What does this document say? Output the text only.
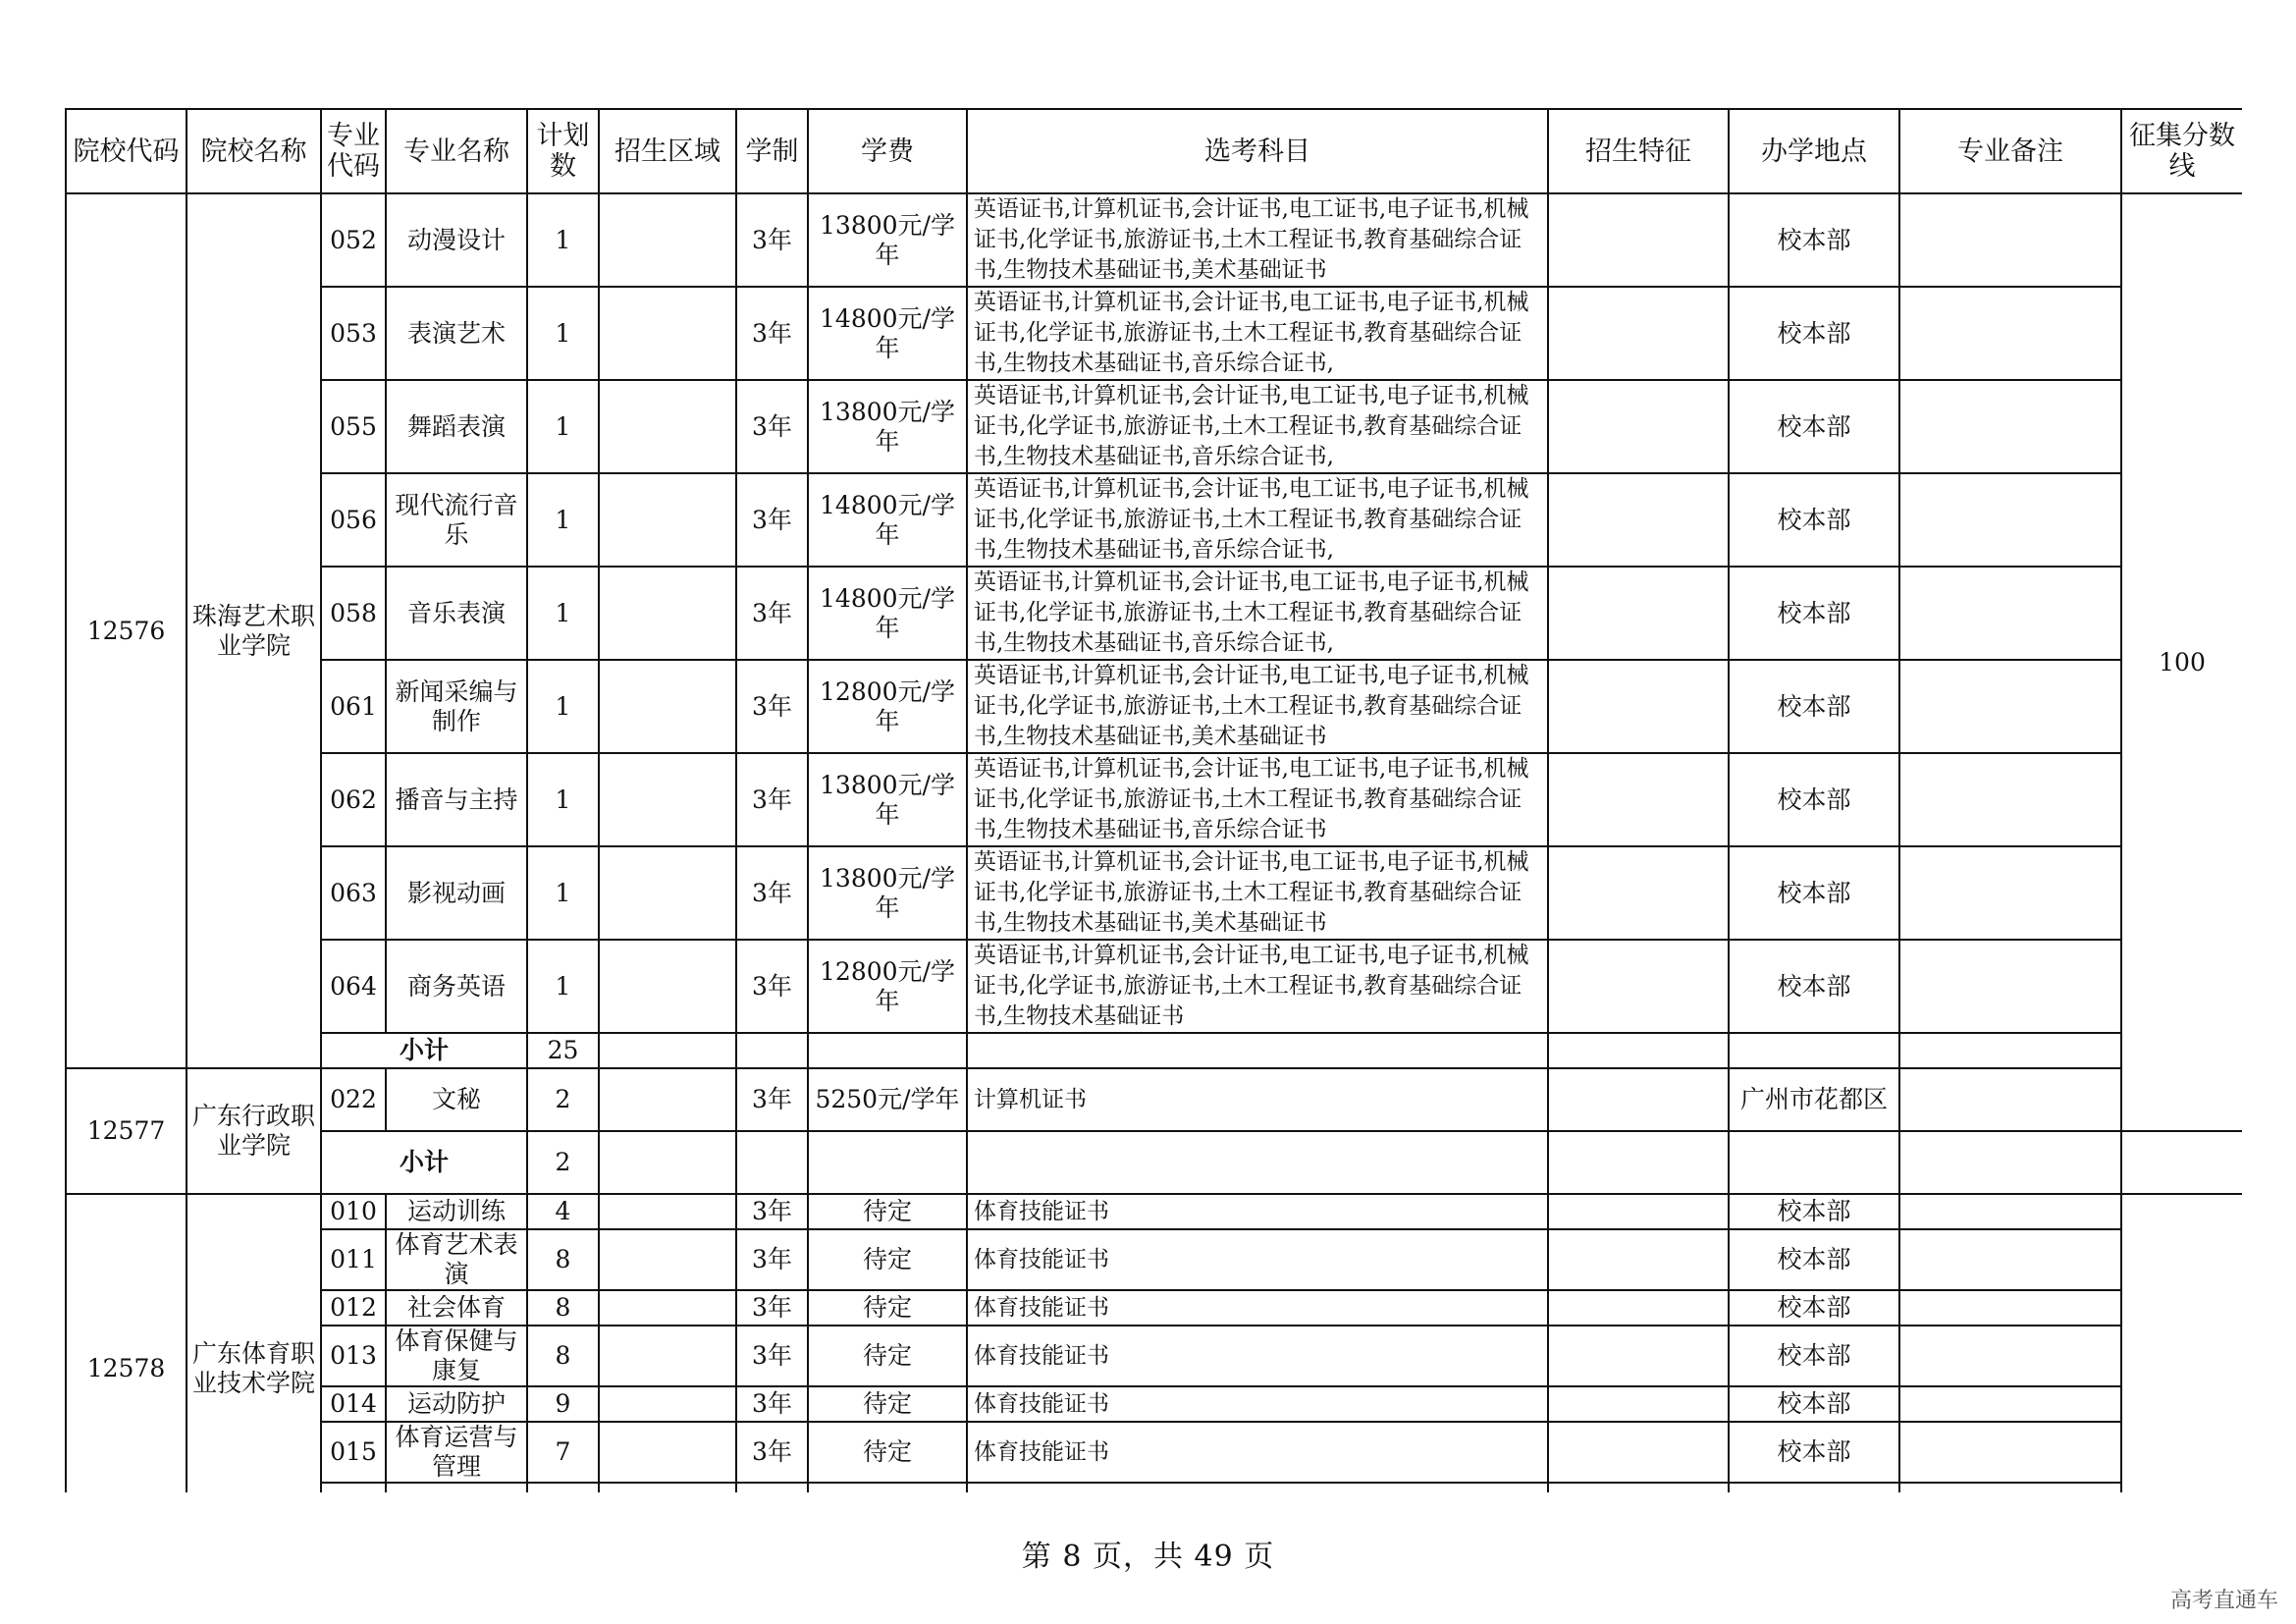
院校代码	院校名称	专业代码	专业名称	计划数	招生区域	学制	学费	选考科目	招生特征	办学地点	专业备注	征集分数线
12576	珠海艺术职业学院	052	动漫设计	1		3年	13800元/学年	英语证书,计算机证书,会计证书,电工证书,电子证书,机械证书,化学证书,旅游证书,土木工程证书,教育基础综合证书,生物技术基础证书,美术基础证书		校本部		100
		053	表演艺术	1		3年	14800元/学年	英语证书,计算机证书,会计证书,电工证书,电子证书,机械证书,化学证书,旅游证书,土木工程证书,教育基础综合证书,生物技术基础证书,音乐综合证书,		校本部		
		055	舞蹈表演	1		3年	13800元/学年	英语证书,计算机证书,会计证书,电工证书,电子证书,机械证书,化学证书,旅游证书,土木工程证书,教育基础综合证书,生物技术基础证书,音乐综合证书,		校本部		
		056	现代流行音乐	1		3年	14800元/学年	英语证书,计算机证书,会计证书,电工证书,电子证书,机械证书,化学证书,旅游证书,土木工程证书,教育基础综合证书,生物技术基础证书,音乐综合证书,		校本部		
		058	音乐表演	1		3年	14800元/学年	英语证书,计算机证书,会计证书,电工证书,电子证书,机械证书,化学证书,旅游证书,土木工程证书,教育基础综合证书,生物技术基础证书,音乐综合证书,		校本部		
		061	新闻采编与制作	1		3年	12800元/学年	英语证书,计算机证书,会计证书,电工证书,电子证书,机械证书,化学证书,旅游证书,土木工程证书,教育基础综合证书,生物技术基础证书,美术基础证书		校本部		
		062	播音与主持	1		3年	13800元/学年	英语证书,计算机证书,会计证书,电工证书,电子证书,机械证书,化学证书,旅游证书,土木工程证书,教育基础综合证书,生物技术基础证书,音乐综合证书		校本部		
		063	影视动画	1		3年	13800元/学年	英语证书,计算机证书,会计证书,电工证书,电子证书,机械证书,化学证书,旅游证书,土木工程证书,教育基础综合证书,生物技术基础证书,美术基础证书		校本部		
		064	商务英语	1		3年	12800元/学年	英语证书,计算机证书,会计证书,电工证书,电子证书,机械证书,化学证书,旅游证书,土木工程证书,教育基础综合证书,生物技术基础证书		校本部		
		小计		25								
12577	广东行政职业学院	022	文秘	2		3年	5250元/学年	计算机证书		广州市花都区		
		小计		2								
12578	广东体育职业技术学院	010	运动训练	4		3年	待定	体育技能证书		校本部		
		011	体育艺术表演	8		3年	待定	体育技能证书		校本部		
		012	社会体育	8		3年	待定	体育技能证书		校本部		
		013	体育保健与康复	8		3年	待定	体育技能证书		校本部		
		014	运动防护	9		3年	待定	体育技能证书		校本部		
		015	体育运营与管理	7		3年	待定	体育技能证书		校本部		

第 8 页，共 49 页
高考直通车
